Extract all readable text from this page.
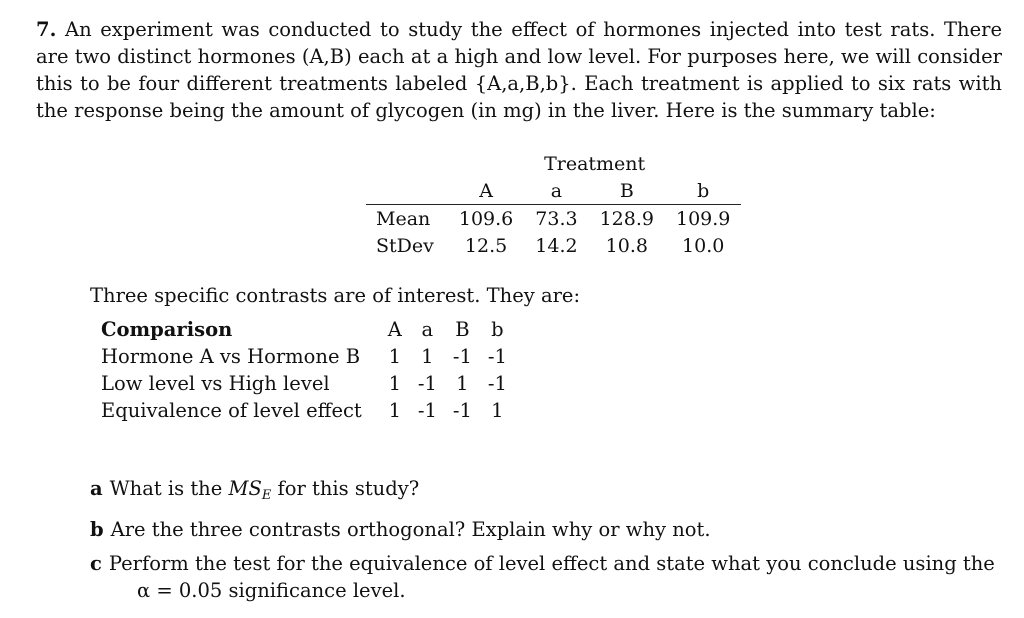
7. An experiment was conducted to study the effect of hormones injected into test rats. There are two distinct hormones (A,B) each at a high and low level. For purposes here, we will consider this to be four different treatments labeled {A,a,B,b}. Each treatment is applied to six rats with the response being the amount of glycogen (in mg) in the liver. Here is the summary table:
	Treatment			
	A	a	B	b
Mean	109.6	73.3	128.9	109.9
StDev	12.5	14.2	10.8	10.0
Three specific contrasts are of interest. They are:
Comparison	A	a	B	b
Hormone A vs Hormone B	1	1	-1	-1
Low level vs High level	1	-1	1	-1
Equivalence of level effect	1	-1	-1	1
a What is the $MS_E$ for this study?
b Are the three contrasts orthogonal? Explain why or why not.
c Perform the test for the equivalence of level effect and state what you conclude using the
α = 0.05 significance level.
